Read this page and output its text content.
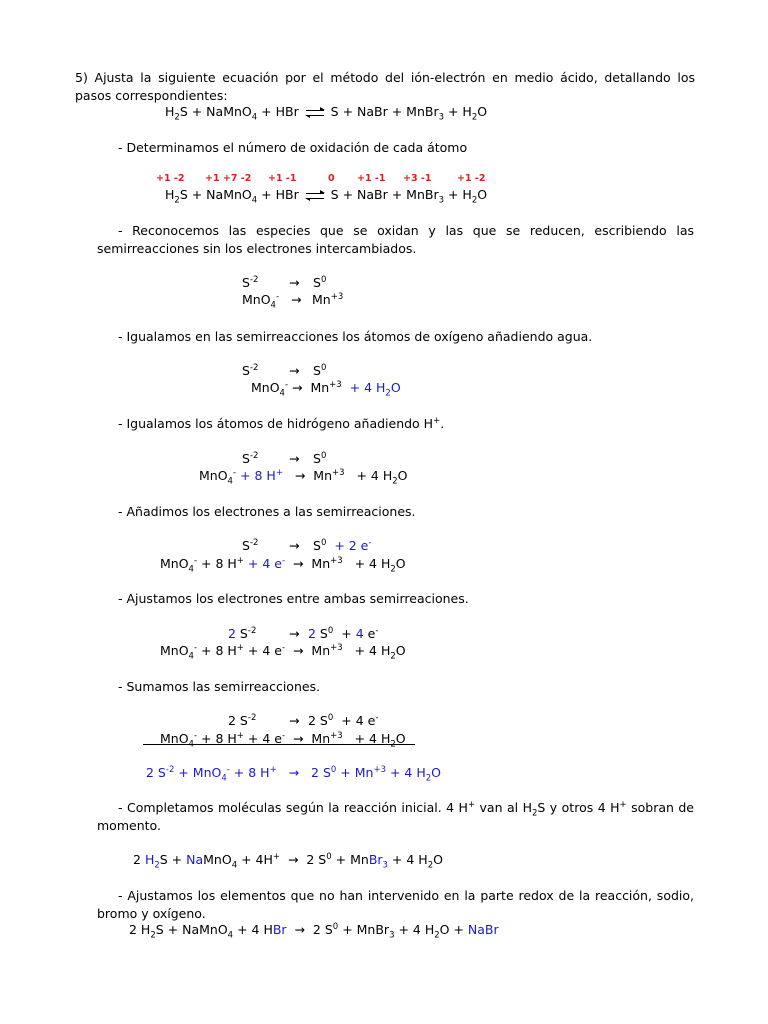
5) Ajusta la siguiente ecuación por el método del ión-electrón en medio ácido, detallando los pasos correspondientes:
$H_2S$ + NaMnO$_4$ + HBr ⇌ S + NaBr + MnBr$_3$ + $H_2O$
- Determinamos el número de oxidación de cada átomo
+1 -2 +1 +7 -2 +1 -1	0 +1 -1 +3 -1	+1 -2
$H_2S$ + NaMnO$_4$ + HBr ⇌ S + NaBr + MnBr$_3$ + $H_2O$
- Reconocemos las especies que se oxidan y las que se reducen, escribiendo las semirreacciones sin los electrones intercambiados.
$S^{-2} \to S^0$
$MnO_4^- \to Mn^{+3}$
- Igualamos en las semirreacciones los átomos de oxígeno añadiendo agua.
$S^{-2} \to S^0$
$MnO_4^- \to Mn^{+3} + 4$ $H_2O$
- Igualamos los átomos de hidrógeno añadiendo H+.
$S^{-2} \to S^0$
MnO$_4$- + 8 $H^+ \to Mn^{+3} + 4$ $H_2O$
- Añadimos los electrones a las semirreaciones.
$S^{-2} \to S^0 + 2$ e-
MnO$_4$- + 8 H+ + 4 $e^- \to Mn^{+3} + 4$ $H_2O$
- Ajustamos los electrones entre ambas semirreaciones.
2 $S^{-2}$	→ 2 $S^0 + 4$ e-
MnO$_4$- + 8 H+ + 4 $e^- \to Mn^{+3} + 4$ $H_2O$
- Sumamos las semirreacciones.
2 $S^{-2}$	→ 2 $S^0 + 4$ e-
MnO$_4$- + 8 H+ + 4 $e^- \to Mn^{+3} + 4$ $H_2O$
2 $S^{-2} + MnO_4^- + 8$ H+   →   2 $S^0 + Mn^{+3} + 4$ $H_2O$
- Completamos moléculas según la reacción inicial. 4 H+ van al $H_2S$ y otros 4 H+ sobran de momento.
2 $H_2S$ + NaMnO$_4$ + 4H+  →  2 $S^0$ + MnBr$_3$ + 4 $H_2O$
- Ajustamos los elementos que no han intervenido en la parte redox de la reacción, sodio, bromo y oxígeno.
2 $H_2S$ + NaMnO$_4$ + 4 HBr  →  2 $S^0$ + MnBr$_3$ + 4 $H_2O$ + NaBr
